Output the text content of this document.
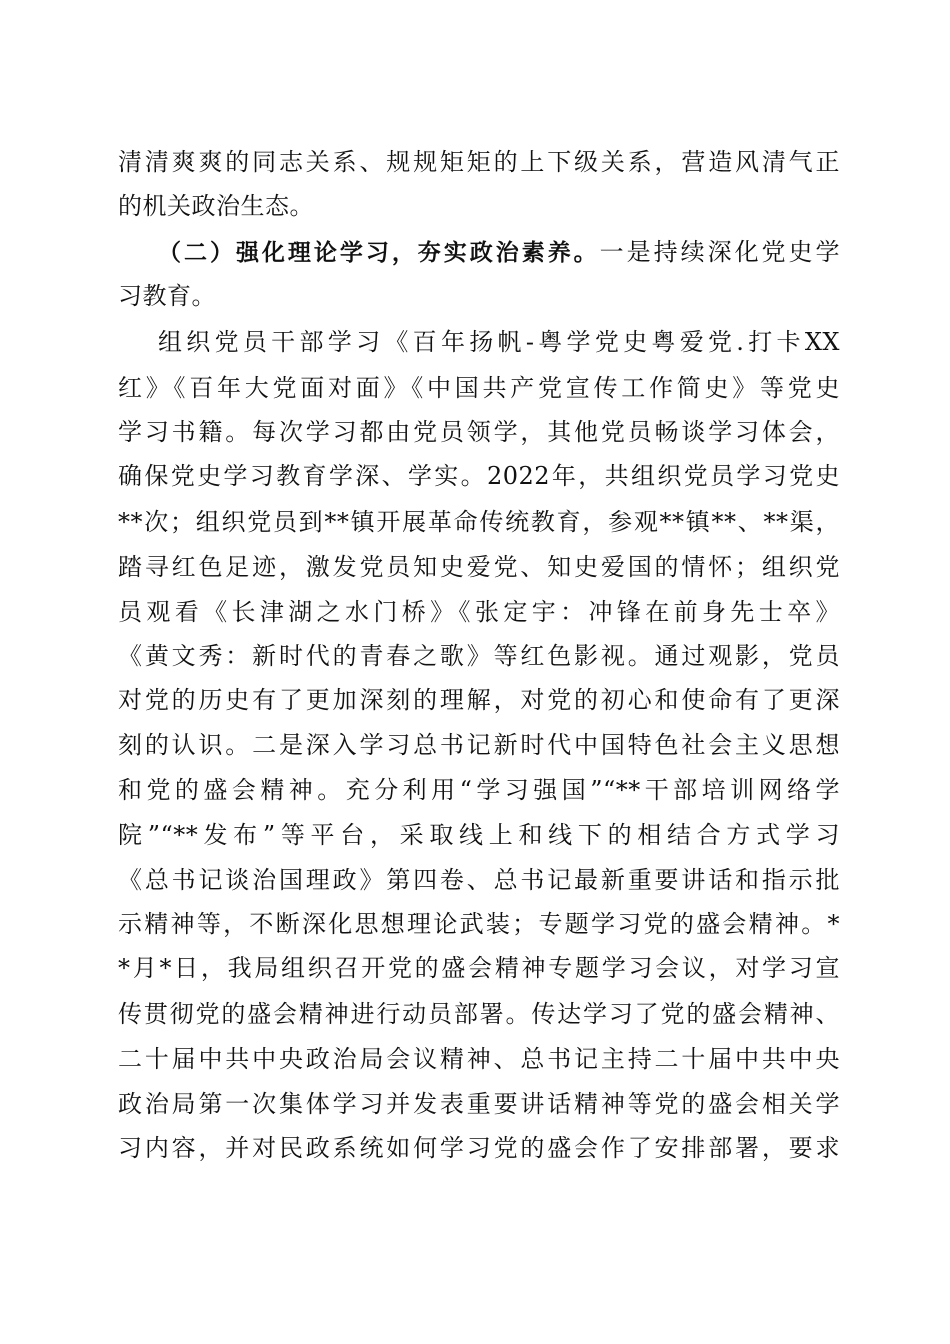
清清爽爽的同志关系、规规矩矩的上下级关系，营造风清气正
的机关政治生态。
（二）强化理论学习，夯实政治素养。一是持续深化党史学
习教育。
组织党员干部学习《百年扬帆-粤学党史粤爱党.打卡XX
红》《百年大党面对面》《中国共产党宣传工作简史》等党史
学习书籍。每次学习都由党员领学，其他党员畅谈学习体会，
确保党史学习教育学深、学实。2022年，共组织党员学习党史
**次；组织党员到**镇开展革命传统教育，参观**镇**、**渠，
踏寻红色足迹，激发党员知史爱党、知史爱国的情怀；组织党
员观看《长津湖之水门桥》《张定宇：冲锋在前身先士卒》
《黄文秀：新时代的青春之歌》等红色影视。通过观影，党员
对党的历史有了更加深刻的理解，对党的初心和使命有了更深
刻的认识。二是深入学习总书记新时代中国特色社会主义思想
和党的盛会精神。充分利用“学习强国”“**干部培训网络学
院”“**发布”等平台，采取线上和线下的相结合方式学习
《总书记谈治国理政》第四卷、总书记最新重要讲话和指示批
示精神等，不断深化思想理论武装；专题学习党的盛会精神。*
*月*日，我局组织召开党的盛会精神专题学习会议，对学习宣
传贯彻党的盛会精神进行动员部署。传达学习了党的盛会精神、
二十届中共中央政治局会议精神、总书记主持二十届中共中央
政治局第一次集体学习并发表重要讲话精神等党的盛会相关学
习内容，并对民政系统如何学习党的盛会作了安排部署，要求
